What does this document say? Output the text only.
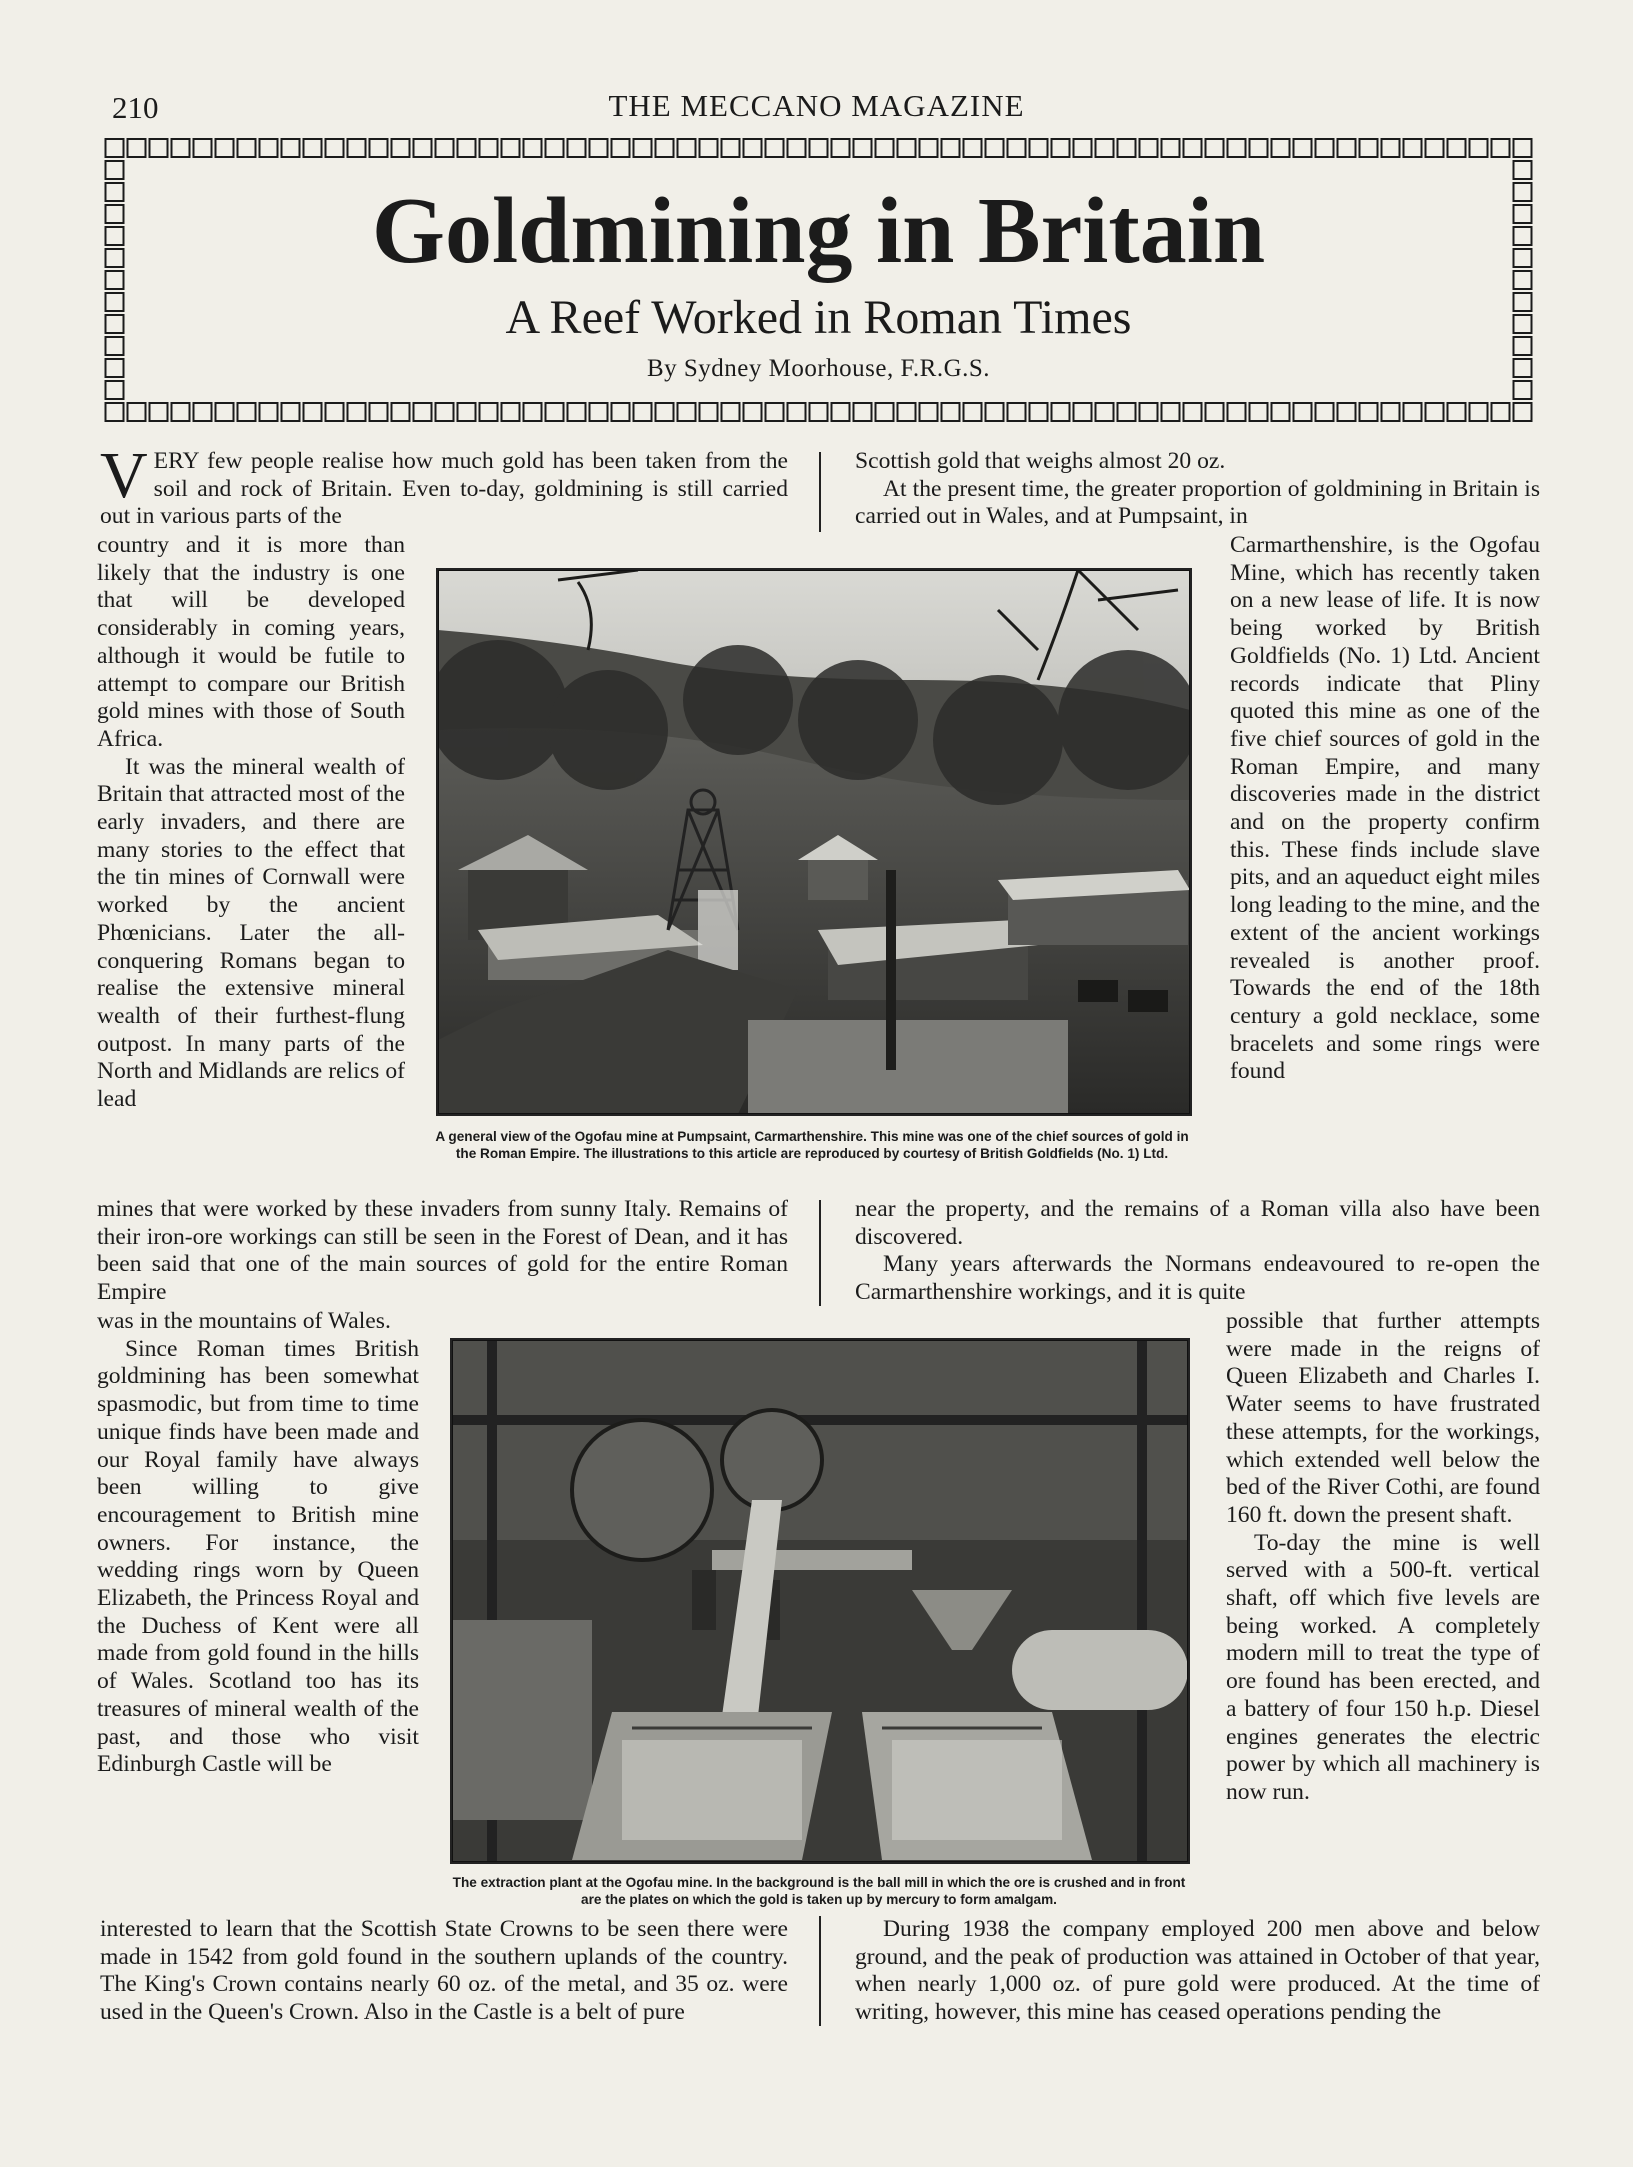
210	THE MECCANO MAGAZINE
Goldmining in Britain
A Reef Worked in Roman Times
By Sydney Moorhouse, F.R.G.S.

VERY few people realise how much gold has been taken from the soil and rock of Britain. Even to-day, goldmining is still carried out in various parts of the

Scottish gold that weighs almost 20 oz.

At the present time, the greater proportion of goldmining in Britain is carried out in Wales, and at Pumpsaint, in

country and it is more than likely that the industry is one that will be developed considerably in coming years, although it would be futile to attempt to compare our British gold mines with those of South Africa.

It was the mineral wealth of Britain that attracted most of the early invaders, and there are many stories to the effect that the tin mines of Cornwall were worked by the ancient Phœnicians. Later the all-conquering Romans began to realise the extensive mineral wealth of their furthest-flung outpost. In many parts of the North and Midlands are relics of lead

A general view of the Ogofau mine at Pumpsaint, Carmarthenshire. This mine was one of the chief sources of gold in the Roman Empire. The illustrations to this article are reproduced by courtesy of British Goldfields (No. 1) Ltd.

Carmarthenshire, is the Ogofau Mine, which has recently taken on a new lease of life. It is now being worked by British Goldfields (No. 1) Ltd. Ancient records indicate that Pliny quoted this mine as one of the five chief sources of gold in the Roman Empire, and many discoveries made in the district and on the property confirm this. These finds include slave pits, and an aqueduct eight miles long leading to the mine, and the extent of the ancient workings revealed is another proof. Towards the end of the 18th century a gold necklace, some bracelets and some rings were found

mines that were worked by these invaders from sunny Italy. Remains of their iron-ore workings can still be seen in the Forest of Dean, and it has been said that one of the main sources of gold for the entire Roman Empire

near the property, and the remains of a Roman villa also have been discovered.

Many years afterwards the Normans endeavoured to re-open the Carmarthenshire workings, and it is quite

was in the mountains of Wales.

Since Roman times British goldmining has been somewhat spasmodic, but from time to time unique finds have been made and our Royal family have always been willing to give encouragement to British mine owners. For instance, the wedding rings worn by Queen Elizabeth, the Princess Royal and the Duchess of Kent were all made from gold found in the hills of Wales. Scotland too has its treasures of mineral wealth of the past, and those who visit Edinburgh Castle will be

The extraction plant at the Ogofau mine. In the background is the ball mill in which the ore is crushed and in front are the plates on which the gold is taken up by mercury to form amalgam.

possible that further attempts were made in the reigns of Queen Elizabeth and Charles I. Water seems to have frustrated these attempts, for the workings, which extended well below the bed of the River Cothi, are found 160 ft. down the present shaft.

To-day the mine is well served with a 500-ft. vertical shaft, off which five levels are being worked. A completely modern mill to treat the type of ore found has been erected, and a battery of four 150 h.p. Diesel engines generates the electric power by which all machinery is now run.

interested to learn that the Scottish State Crowns to be seen there were made in 1542 from gold found in the southern uplands of the country. The King's Crown contains nearly 60 oz. of the metal, and 35 oz. were used in the Queen's Crown. Also in the Castle is a belt of pure

During 1938 the company employed 200 men above and below ground, and the peak of production was attained in October of that year, when nearly 1,000 oz. of pure gold were produced. At the time of writing, however, this mine has ceased operations pending the
